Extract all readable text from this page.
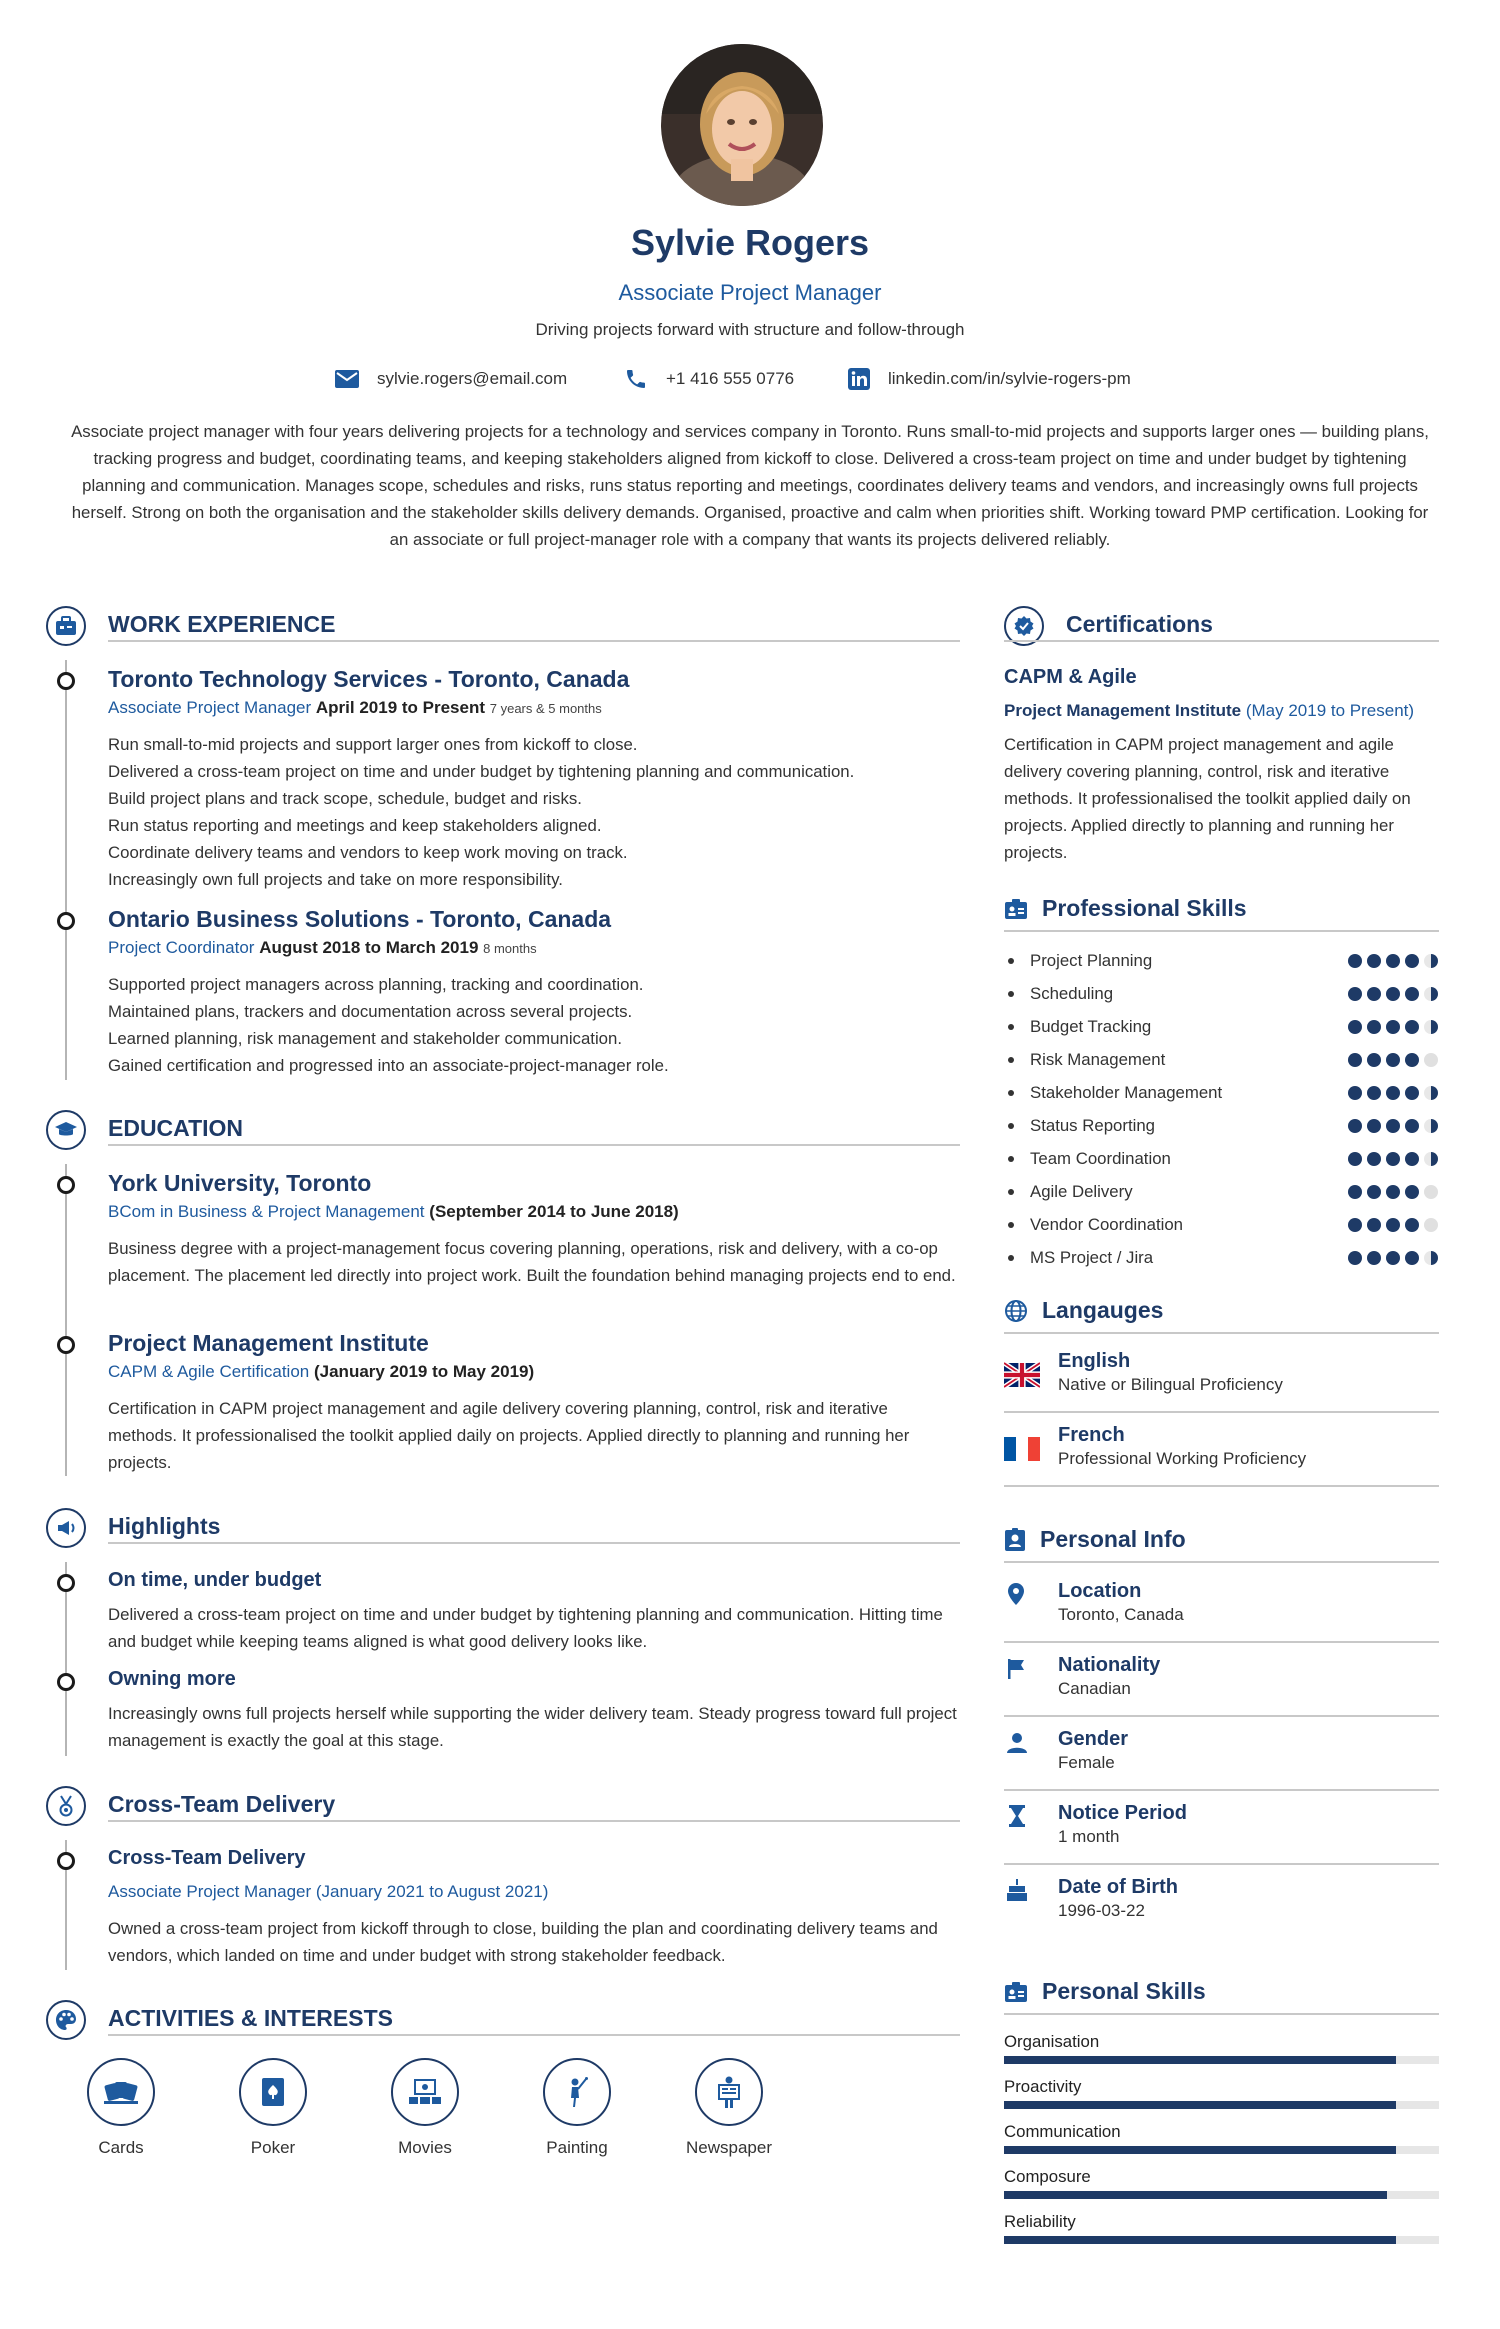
Sylvie Rogers
Associate Project Manager
Driving projects forward with structure and follow-through
sylvie.rogers@email.com	+1 416 555 0776	linkedin.com/in/sylvie-rogers-pm
Associate project manager with four years delivering projects for a technology and services company in Toronto. Runs small-to-mid projects and supports larger ones — building plans, tracking progress and budget, coordinating teams, and keeping stakeholders aligned from kickoff to close. Delivered a cross-team project on time and under budget by tightening planning and communication. Manages scope, schedules and risks, runs status reporting and meetings, coordinates delivery teams and vendors, and increasingly owns full projects herself. Strong on both the organisation and the stakeholder skills delivery demands. Organised, proactive and calm when priorities shift. Working toward PMP certification. Looking for an associate or full project-manager role with a company that wants its projects delivered reliably.
WORK EXPERIENCE
Toronto Technology Services - Toronto, Canada
Associate Project Manager April 2019 to Present 7 years & 5 months
Run small-to-mid projects and support larger ones from kickoff to close.
Delivered a cross-team project on time and under budget by tightening planning and communication.
Build project plans and track scope, schedule, budget and risks.
Run status reporting and meetings and keep stakeholders aligned.
Coordinate delivery teams and vendors to keep work moving on track.
Increasingly own full projects and take on more responsibility.
Ontario Business Solutions - Toronto, Canada
Project Coordinator August 2018 to March 2019 8 months
Supported project managers across planning, tracking and coordination.
Maintained plans, trackers and documentation across several projects.
Learned planning, risk management and stakeholder communication.
Gained certification and progressed into an associate-project-manager role.
EDUCATION
York University, Toronto
BCom in Business & Project Management (September 2014 to June 2018)
Business degree with a project-management focus covering planning, operations, risk and delivery, with a co-op placement. The placement led directly into project work. Built the foundation behind managing projects end to end.
Project Management Institute
CAPM & Agile Certification (January 2019 to May 2019)
Certification in CAPM project management and agile delivery covering planning, control, risk and iterative methods. It professionalised the toolkit applied daily on projects. Applied directly to planning and running her projects.
Highlights
On time, under budget
Delivered a cross-team project on time and under budget by tightening planning and communication. Hitting time and budget while keeping teams aligned is what good delivery looks like.
Owning more
Increasingly owns full projects herself while supporting the wider delivery team. Steady progress toward full project management is exactly the goal at this stage.
Cross-Team Delivery
Cross-Team Delivery
Associate Project Manager (January 2021 to August 2021)
Owned a cross-team project from kickoff through to close, building the plan and coordinating delivery teams and vendors, which landed on time and under budget with strong stakeholder feedback.
ACTIVITIES & INTERESTS
Cards	Poker	Movies	Painting	Newspaper
Certifications
CAPM & Agile
Project Management Institute (May 2019 to Present)
Certification in CAPM project management and agile delivery covering planning, control, risk and iterative methods. It professionalised the toolkit applied daily on projects. Applied directly to planning and running her projects.
Professional Skills
Project Planning
Scheduling
Budget Tracking
Risk Management
Stakeholder Management
Status Reporting
Team Coordination
Agile Delivery
Vendor Coordination
MS Project / Jira
Langauges
English
Native or Bilingual Proficiency
French
Professional Working Proficiency
Personal Info
Location
Toronto, Canada
Nationality
Canadian
Gender
Female
Notice Period
1 month
Date of Birth
1996-03-22
Personal Skills
Organisation
Proactivity
Communication
Composure
Reliability
